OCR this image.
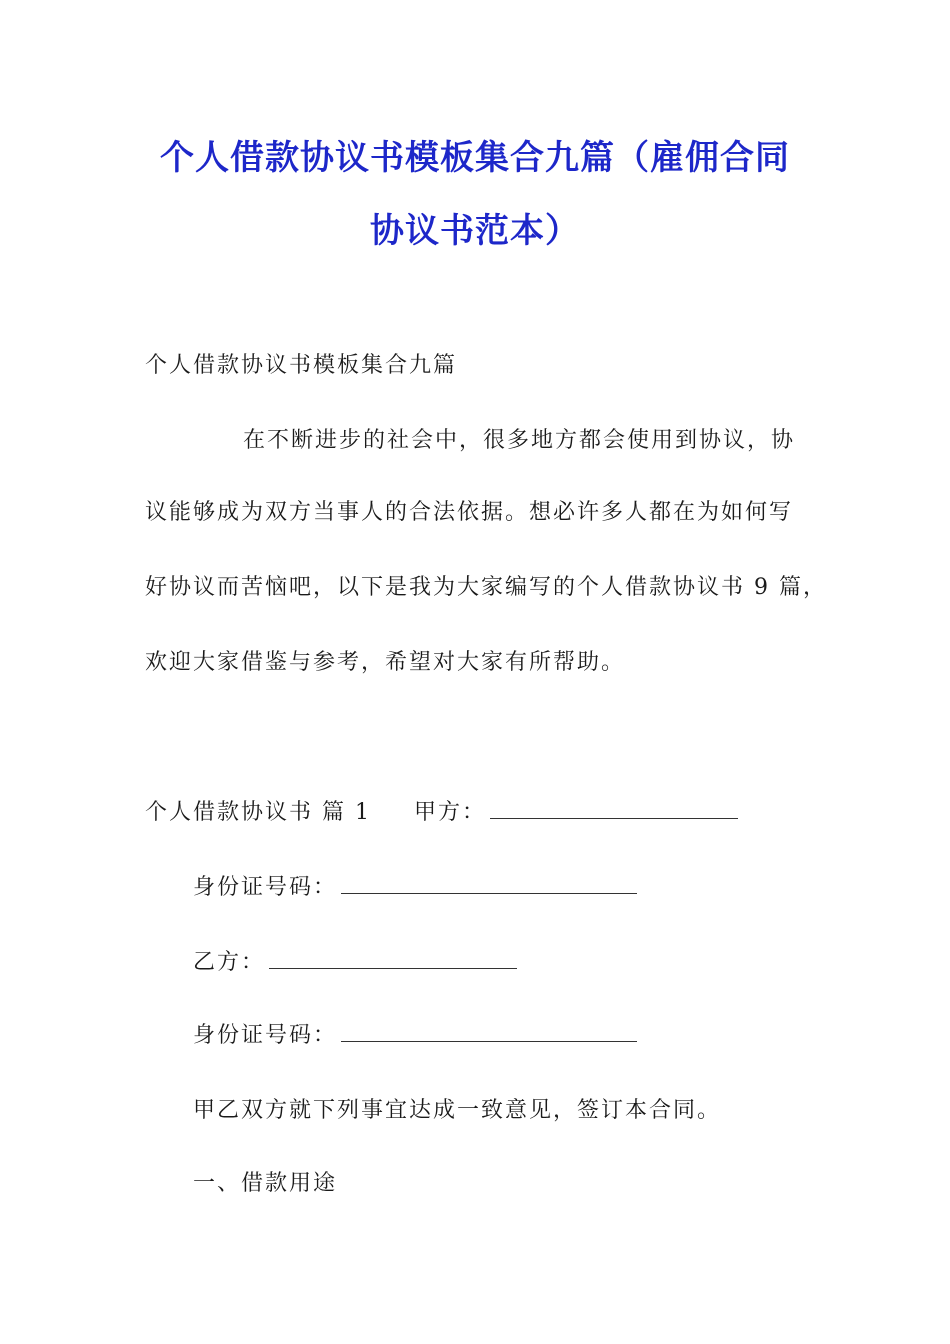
个人借款协议书模板集合九篇（雇佣合同
协议书范本）
个人借款协议书模板集合九篇
在不断进步的社会中，很多地方都会使用到协议，协
议能够成为双方当事人的合法依据。想必许多人都在为如何写
好协议而苦恼吧，以下是我为大家编写的个人借款协议书 9 篇，
欢迎大家借鉴与参考，希望对大家有所帮助。
个人借款协议书 篇 1 甲方：
身份证号码：
乙方：
身份证号码：
甲乙双方就下列事宜达成一致意见，签订本合同。
一、借款用途
